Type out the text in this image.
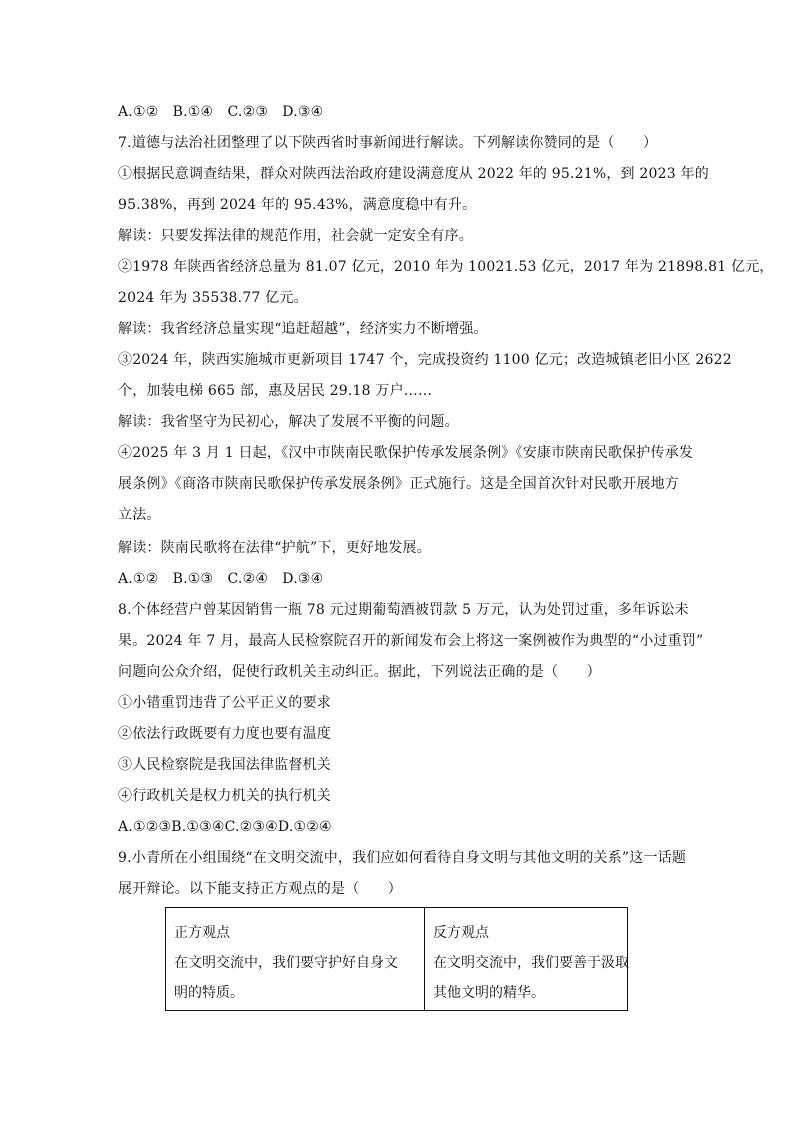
A.①②　B.①④　C.②③　D.③④
7.道德与法治社团整理了以下陕西省时事新闻进行解读。下列解读你赞同的是（　　）
①根据民意调查结果，群众对陕西法治政府建设满意度从 2022 年的 95.21%，到 2023 年的
95.38%，再到 2024 年的 95.43%，满意度稳中有升。
解读：只要发挥法律的规范作用，社会就一定安全有序。
②1978 年陕西省经济总量为 81.07 亿元，2010 年为 10021.53 亿元，2017 年为 21898.81 亿元，
2024 年为 35538.77 亿元。
解读：我省经济总量实现“追赶超越”，经济实力不断增强。
③2024 年，陕西实施城市更新项目 1747 个，完成投资约 1100 亿元；改造城镇老旧小区 2622
个，加装电梯 665 部，惠及居民 29.18 万户……
解读：我省坚守为民初心，解决了发展不平衡的问题。
④2025 年 3 月 1 日起，《汉中市陕南民歌保护传承发展条例》《安康市陕南民歌保护传承发
展条例》《商洛市陕南民歌保护传承发展条例》正式施行。这是全国首次针对民歌开展地方
立法。
解读：陕南民歌将在法律“护航”下，更好地发展。
A.①②　B.①③　C.②④　D.③④
8.个体经营户曾某因销售一瓶 78 元过期葡萄酒被罚款 5 万元，认为处罚过重，多年诉讼未
果。2024 年 7 月，最高人民检察院召开的新闻发布会上将这一案例被作为典型的“小过重罚”
问题向公众介绍，促使行政机关主动纠正。据此，下列说法正确的是（　　）
①小错重罚违背了公平正义的要求
②依法行政既要有力度也要有温度
③人民检察院是我国法律监督机关
④行政机关是权力机关的执行机关
A.①②③B.①③④C.②③④D.①②④
9.小青所在小组围绕“在文明交流中，我们应如何看待自身文明与其他文明的关系”这一话题
展开辩论。以下能支持正方观点的是（　　）
正方观点
在文明交流中，我们要守护好自身文
明的特质。

反方观点
在文明交流中，我们要善于汲取
其他文明的精华。
